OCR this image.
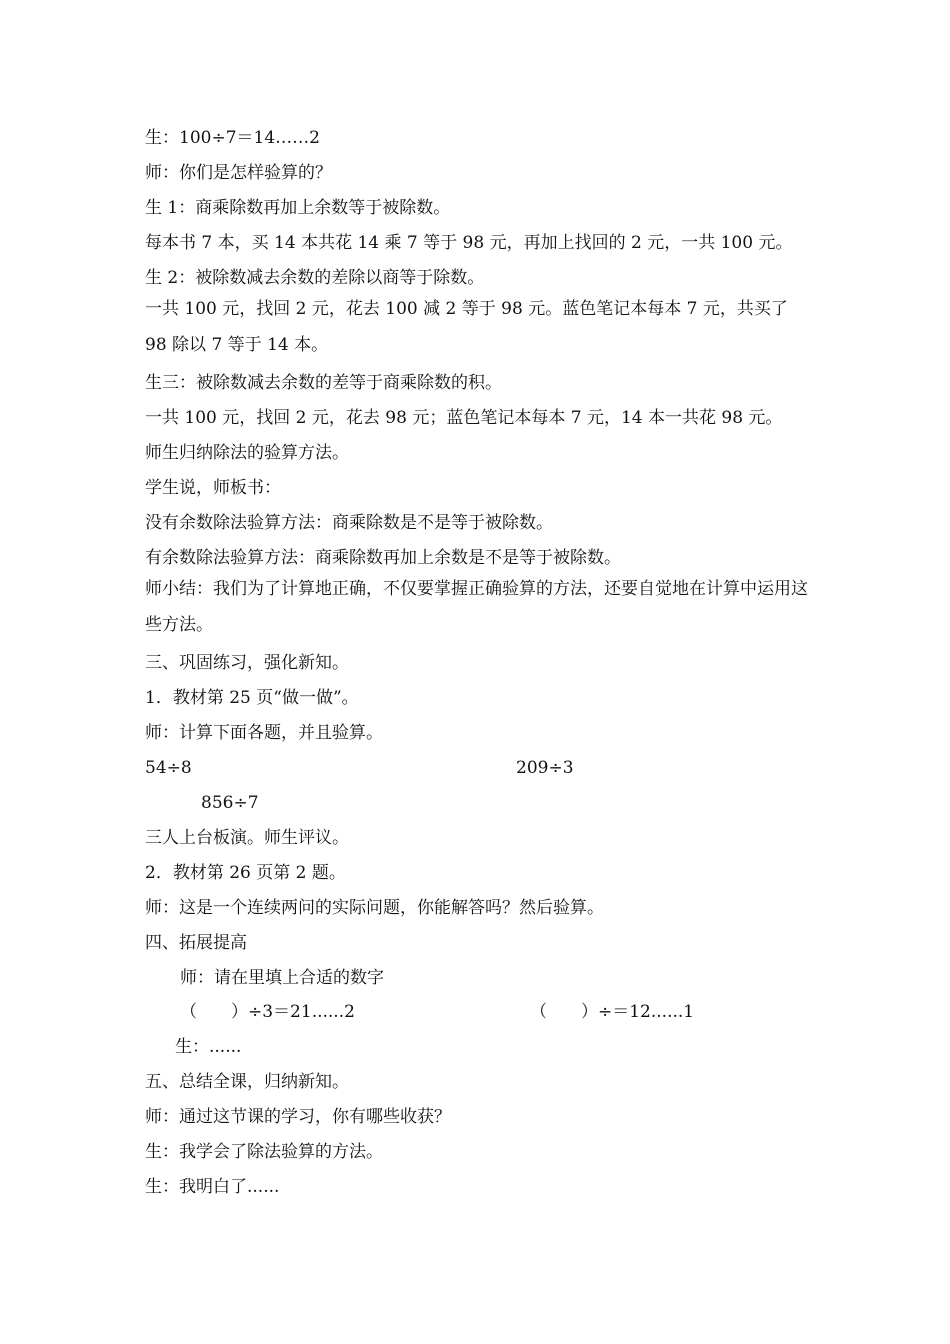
生：100÷7＝14……2
师：你们是怎样验算的？
生 1：商乘除数再加上余数等于被除数。
每本书 7 本，买 14 本共花 14 乘 7 等于 98 元，再加上找回的 2 元，一共 100 元。
生 2：被除数减去余数的差除以商等于除数。
一共 100 元，找回 2 元，花去 100 减 2 等于 98 元。蓝色笔记本每本 7 元，共买了 98 除以 7 等于 14 本。
生三：被除数减去余数的差等于商乘除数的积。
一共 100 元，找回 2 元，花去 98 元；蓝色笔记本每本 7 元，14 本一共花 98 元。
师生归纳除法的验算方法。
学生说，师板书：
没有余数除法验算方法：商乘除数是不是等于被除数。
有余数除法验算方法：商乘除数再加上余数是不是等于被除数。
师小结：我们为了计算地正确，不仅要掌握正确验算的方法，还要自觉地在计算中运用这些方法。
三、巩固练习，强化新知。
1．教材第 25 页“做一做”。
师：计算下面各题，并且验算。
54÷8	209÷3
856÷7
三人上台板演。师生评议。
2．教材第 26 页第 2 题。
师：这是一个连续两问的实际问题，你能解答吗？然后验算。
四、拓展提高
师：请在里填上合适的数字
（　　）÷3＝21......2	（　　）÷＝12......1
生：......
五、总结全课，归纳新知。
师：通过这节课的学习，你有哪些收获？
生：我学会了除法验算的方法。
生：我明白了......
